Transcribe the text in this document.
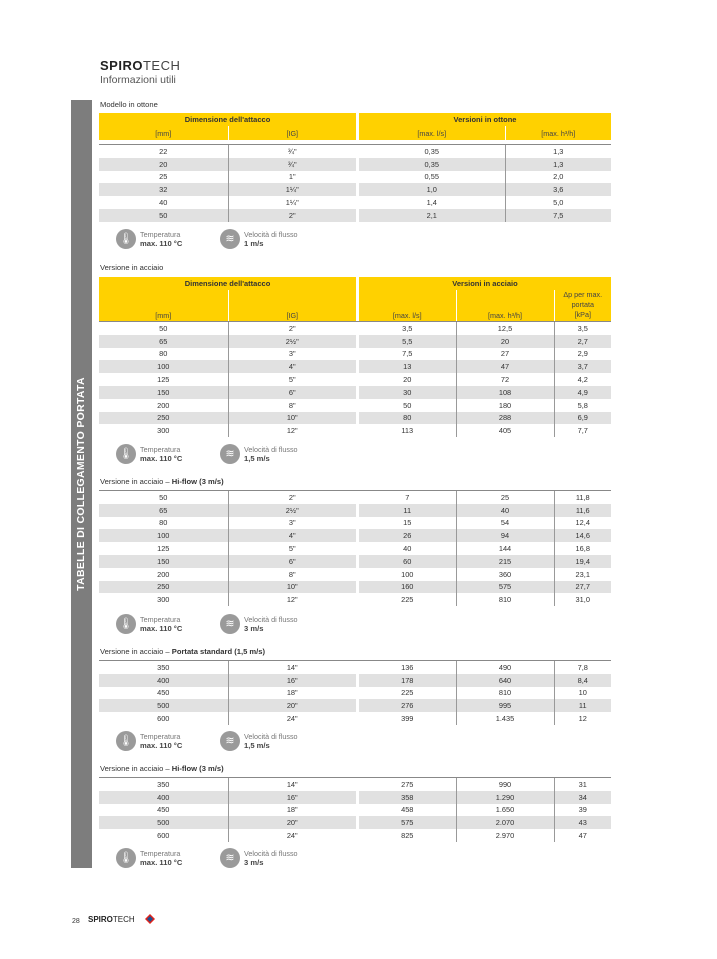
SPIROTECH
Informazioni utili
TABELLE DI COLLEGAMENTO PORTATA
Modello in ottone
Dimensione dell'attacco			Versioni in ottone	
[mm]	[IG]		[max. l/s]	[max. h³/h]
22	¾"		0,35	1,3
20	¾"		0,35	1,3
25	1"		0,55	2,0
32	1¼"		1,0	3,6
40	1¼"		1,4	5,0
50	2"		2,1	7,5
🌡 Temperatura
max. 110 °C	≋	Velocità di flusso
1 m/s
Versione in acciaio
Dimensione dell'attacco			Versioni in acciaio		
[mm]	[IG]		[max. l/s]	[max. h³/h]	Δp per max. portata
[kPa]
50	2"		3,5	12,5	3,5
65	2½"		5,5	20	2,7
80	3"		7,5	27	2,9
100	4"		13	47	3,7
125	5"		20	72	4,2
150	6"		30	108	4,9
200	8"		50	180	5,8
250	10"		80	288	6,9
300	12"		113	405	7,7
🌡 Temperatura
max. 110 °C	≋	Velocità di flusso
1,5 m/s
Versione in acciaio – Hi-flow (3 m/s)
50	2"		7	25	11,8
65	2½"		11	40	11,6
80	3"		15	54	12,4
100	4"		26	94	14,6
125	5"		40	144	16,8
150	6"		60	215	19,4
200	8"		100	360	23,1
250	10"		160	575	27,7
300	12"		225	810	31,0
🌡 Temperatura
max. 110 °C	≋	Velocità di flusso
3 m/s
Versione in acciaio – Portata standard (1,5 m/s)
350	14"		136	490	7,8
400	16"		178	640	8,4
450	18"		225	810	10
500	20"		276	995	11
600	24"		399	1.435	12
🌡 Temperatura
max. 110 °C	≋	Velocità di flusso
1,5 m/s
Versione in acciaio – Hi-flow (3 m/s)
350	14"		275	990	31
400	16"		358	1.290	34
450	18"		458	1.650	39
500	20"		575	2.070	43
600	24"		825	2.970	47
🌡 Temperatura
max. 110 °C	≋	Velocità di flusso
3 m/s
28 SPIROTECH
